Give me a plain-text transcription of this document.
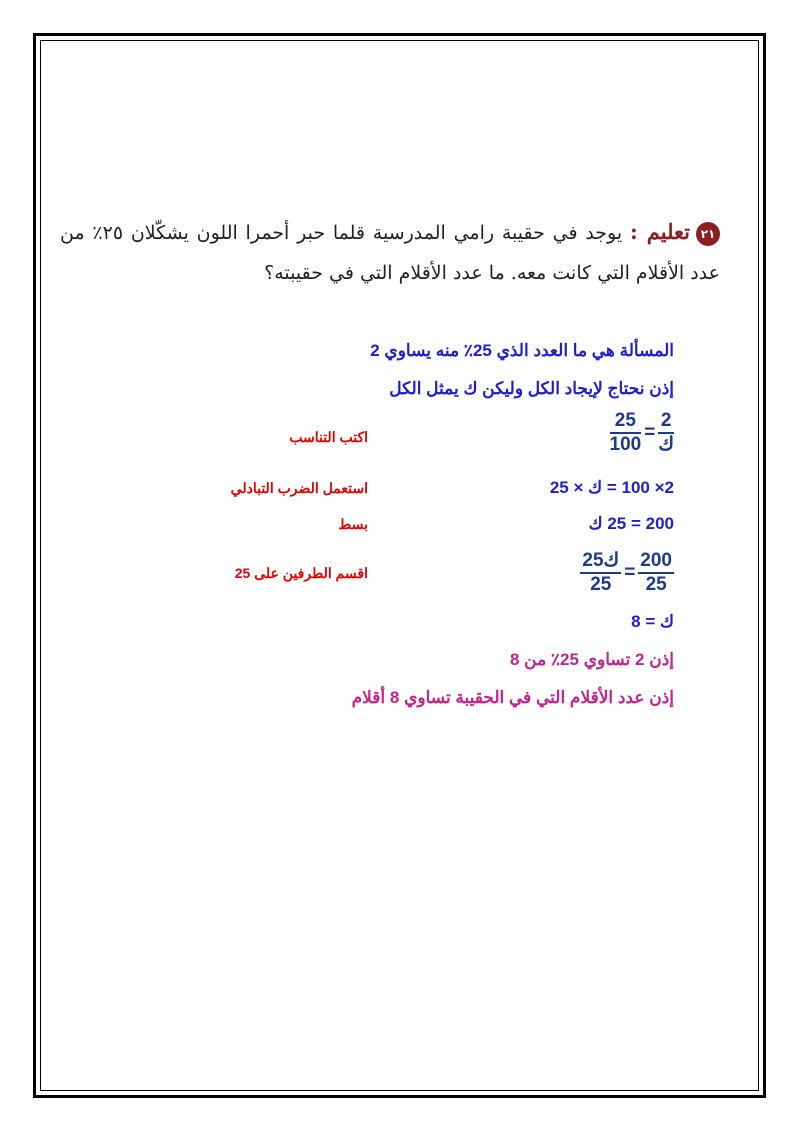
٢١تعليم : يوجد في حقيبة رامي المدرسية قلما حبر أحمرا اللون يشكّلان ٢٥٪ من عدد الأقلام التي كانت معه. ما عدد الأقلام التي في حقيبته؟
المسألة هي ما العدد الذي 25٪ منه يساوي 2
إذن نحتاج لإيجاد الكل وليكن ك يمثل الكل
$\frac{25}{100} = \frac{2}{\text{ك}}$
اكتب التناسب
2× 100 = ك × 25
استعمل الضرب التبادلي
200 = 25 ك
بسط
$\frac{\text{25ك}}{25} = \frac{200}{25}$
اقسم الطرفين على 25
ك = 8
إذن 2 تساوي 25٪ من 8
إذن عدد الأقلام التي في الحقيبة تساوي 8 أقلام
